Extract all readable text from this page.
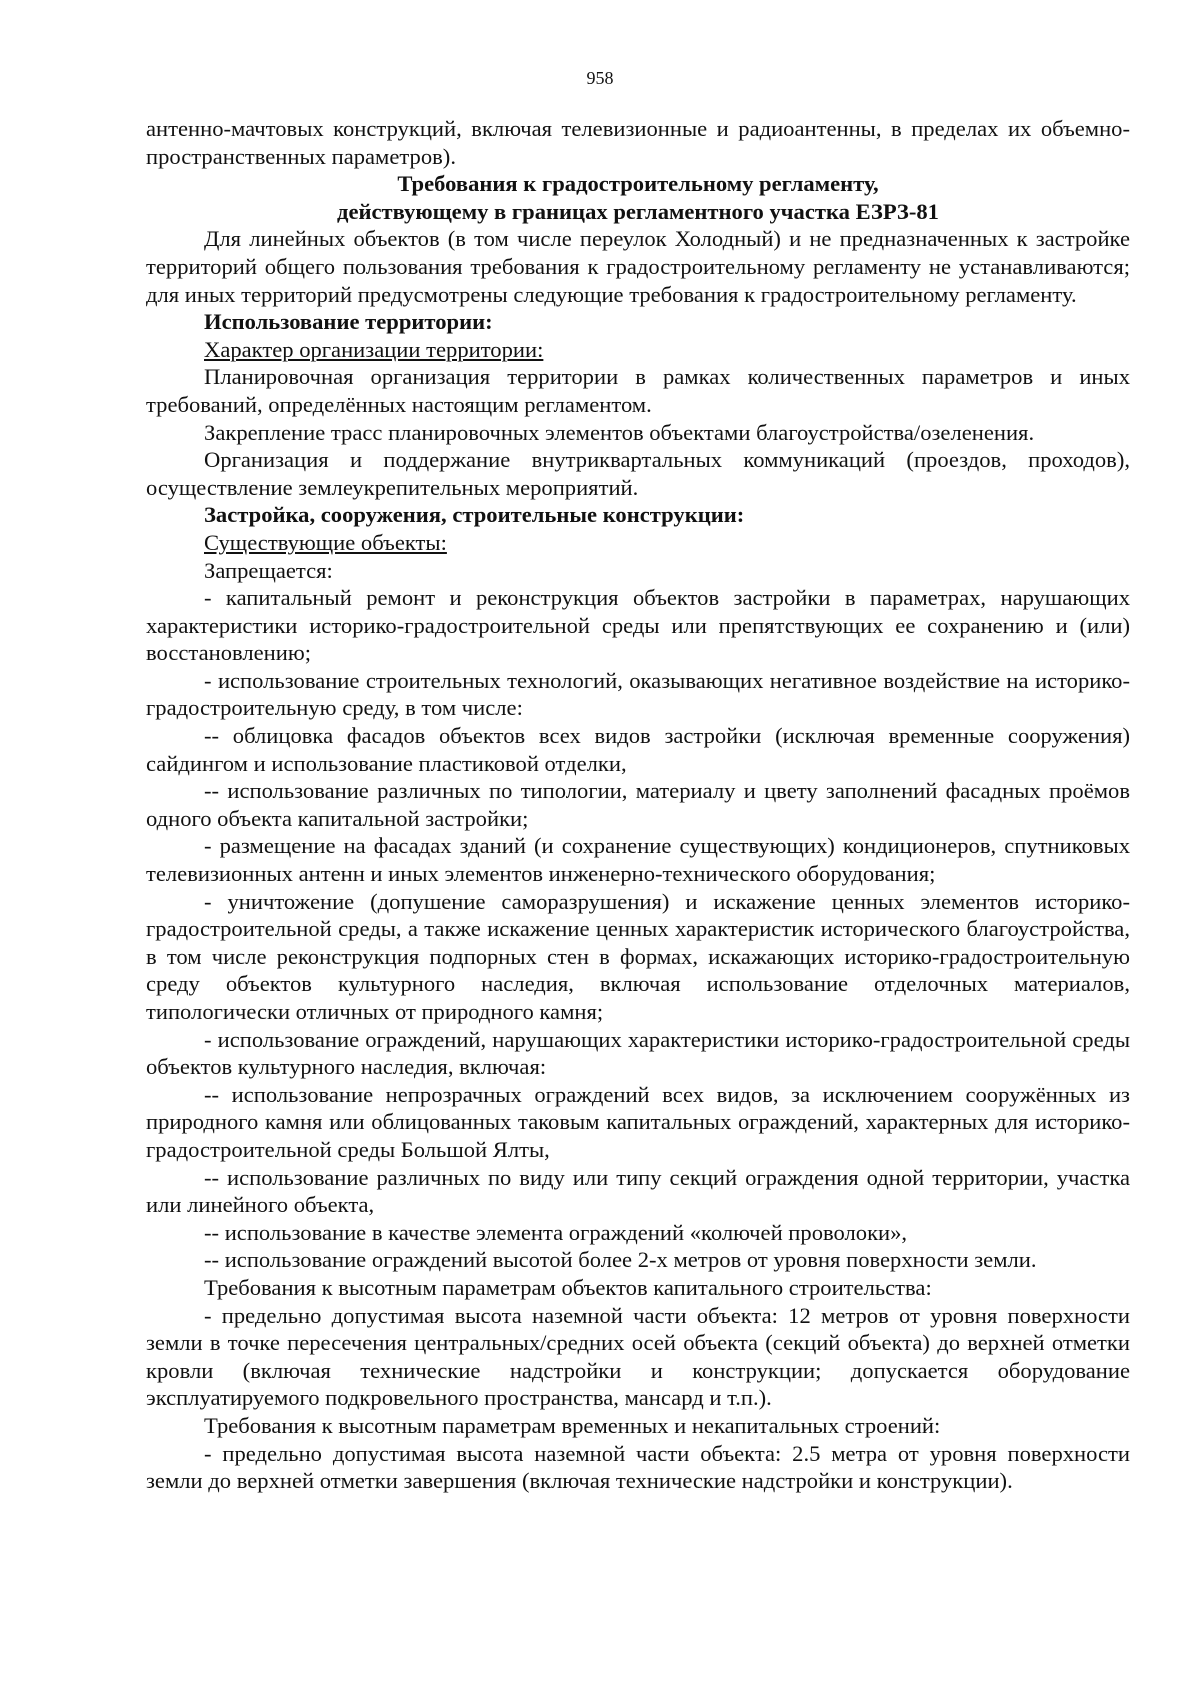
958

антенно-мачтовых конструкций, включая телевизионные и радиоантенны, в пределах их объемно-пространственных параметров).

Требования к градостроительному регламенту,

действующему в границах регламентного участка ЕЗРЗ-81

Для линейных объектов (в том числе переулок Холодный) и не предназначенных к застройке территорий общего пользования требования к градостроительному регламенту не устанавливаются; для иных территорий предусмотрены следующие требования к градостроительному регламенту.

Использование территории:

Характер организации территории:

Планировочная организация территории в рамках количественных параметров и иных требований, определённых настоящим регламентом.

Закрепление трасс планировочных элементов объектами благоустройства/озеленения.

Организация и поддержание внутриквартальных коммуникаций (проездов, проходов), осуществление землеукрепительных мероприятий.

Застройка, сооружения, строительные конструкции:

Существующие объекты:

Запрещается:

- капитальный ремонт и реконструкция объектов застройки в параметрах, нарушающих характеристики историко-градостроительной среды или препятствующих ее сохранению и (или) восстановлению;

- использование строительных технологий, оказывающих негативное воздействие на историко-градостроительную среду, в том числе:

-- облицовка фасадов объектов всех видов застройки (исключая временные сооружения) сайдингом и использование пластиковой отделки,

-- использование различных по типологии, материалу и цвету заполнений фасадных проёмов одного объекта капитальной застройки;

- размещение на фасадах зданий (и сохранение существующих) кондиционеров, спутниковых телевизионных антенн и иных элементов инженерно-технического оборудования;

- уничтожение (допушение саморазрушения) и искажение ценных элементов историко-градостроительной среды, а также искажение ценных характеристик исторического благоустройства, в том числе реконструкция подпорных стен в формах, искажающих историко-градостроительную среду объектов культурного наследия, включая использование отделочных материалов, типологически отличных от природного камня;

- использование ограждений, нарушающих характеристики историко-градостроительной среды объектов культурного наследия, включая:

-- использование непрозрачных ограждений всех видов, за исключением сооружённых из природного камня или облицованных таковым капитальных ограждений, характерных для историко-градостроительной среды Большой Ялты,

-- использование различных по виду или типу секций ограждения одной территории, участка или линейного объекта,

-- использование в качестве элемента ограждений «колючей проволоки»,

-- использование ограждений высотой более 2-х метров от уровня поверхности земли.

Требования к высотным параметрам объектов капитального строительства:

- предельно допустимая высота наземной части объекта: 12 метров от уровня поверхности земли в точке пересечения центральных/средних осей объекта (секций объекта) до верхней отметки кровли (включая технические надстройки и конструкции; допускается оборудование эксплуатируемого подкровельного пространства, мансард и т.п.).

Требования к высотным параметрам временных и некапитальных строений:

- предельно допустимая высота наземной части объекта: 2.5 метра от уровня поверхности земли до верхней отметки завершения (включая технические надстройки и конструкции).
